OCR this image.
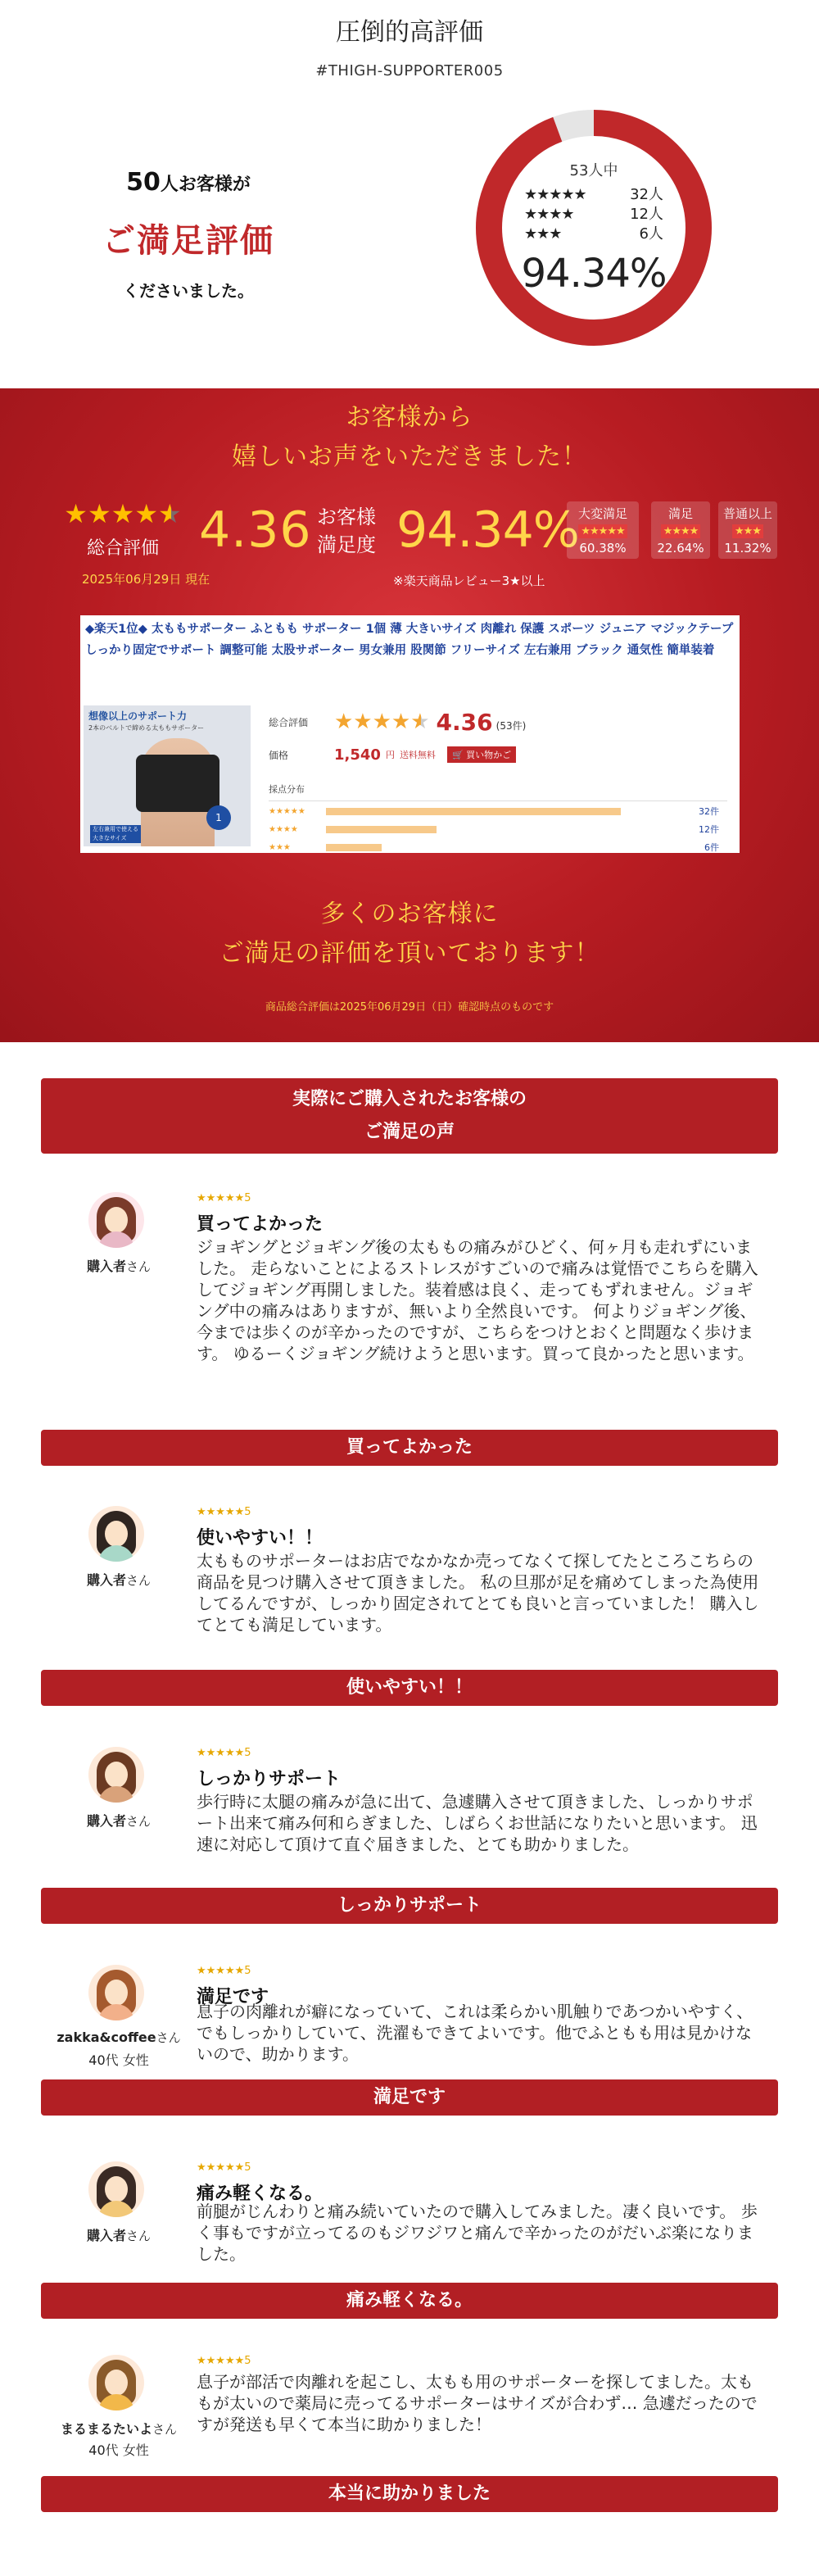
圧倒的高評価
#THIGH-SUPPORTER005
50人お客様が
ご満足評価
くださいました。
53人中
★★★★★	32人
★★★★	12人
★★★	6人
94.34%
お客様から
嬉しいお声をいただきました！
★★★★★
総合評価
2025年06月29日 現在
4.36 お客様
満足度 94.34%
※楽天商品レビュー3★以上
大変満足
★★★★★
60.38%
満足
★★★★
22.64%
普通以上
★★★
11.32%
◆楽天1位◆ 太ももサポーター ふともも サポーター 1個 薄 大きいサイズ 肉離れ 保護 スポーツ ジュニア マジックテープ しっかり固定でサポート 調整可能 太股サポーター 男女兼用 股関節 フリーサイズ 左右兼用 ブラック 通気性 簡単装着
想像以上のサポート力
2本のベルトで締める太ももサポーター
1
左右兼用で使える 大きなサイズ
総合評価	★★★★★ 4.36 (53件)
価格	1,540 円 送料無料	🛒 買い物かご
採点分布
★★★★★	32件
★★★★	12件
★★★	6件
多くのお客様に
ご満足の評価を頂いております！
商品総合評価は2025年06月29日（日）確認時点のものです
実際にご購入されたお客様の
ご満足の声
購入者さん
★★★★★5
買ってよかった
ジョギングとジョギング後の太ももの痛みがひどく、何ヶ月も走れずにいました。 走らないことによるストレスがすごいので痛みは覚悟でこちらを購入してジョギング再開しました。装着感は良く、走ってもずれません。ジョギング中の痛みはありますが、無いより全然良いです。 何よりジョギング後、今までは歩くのが辛かったのですが、こちらをつけとおくと問題なく歩けます。 ゆるーくジョギング続けようと思います。買って良かったと思います。
買ってよかった
購入者さん
★★★★★5
使いやすい！！
太もものサポーターはお店でなかなか売ってなくて探してたところこちらの商品を見つけ購入させて頂きました。 私の旦那が足を痛めてしまった為使用してるんですが、しっかり固定されてとても良いと言っていました！ 購入してとても満足しています。
使いやすい！！
購入者さん
★★★★★5
しっかりサポート
歩行時に太腿の痛みが急に出て、急遽購入させて頂きました、しっかりサポート出来て痛み何和らぎました、しばらくお世話になりたいと思います。 迅速に対応して頂けて直ぐ届きました、とても助かりました。
しっかりサポート
zakka&coffeeさん
40代 女性
★★★★★5
満足です
息子の肉離れが癖になっていて、これは柔らかい肌触りであつかいやすく、でもしっかりしていて、洗濯もできてよいです。他でふともも用は見かけないので、助かります。
満足です
購入者さん
★★★★★5
痛み軽くなる。
前腿がじんわりと痛み続いていたので購入してみました。凄く良いです。 歩く事もですが立ってるのもジワジワと痛んで辛かったのがだいぶ楽になりました。
痛み軽くなる。
まるまるたいよさん
40代 女性
★★★★★5
息子が部活で肉離れを起こし、太もも用のサポーターを探してました。太ももが太いので薬局に売ってるサポーターはサイズが合わず… 急遽だったのですが発送も早くて本当に助かりました！
本当に助かりました
